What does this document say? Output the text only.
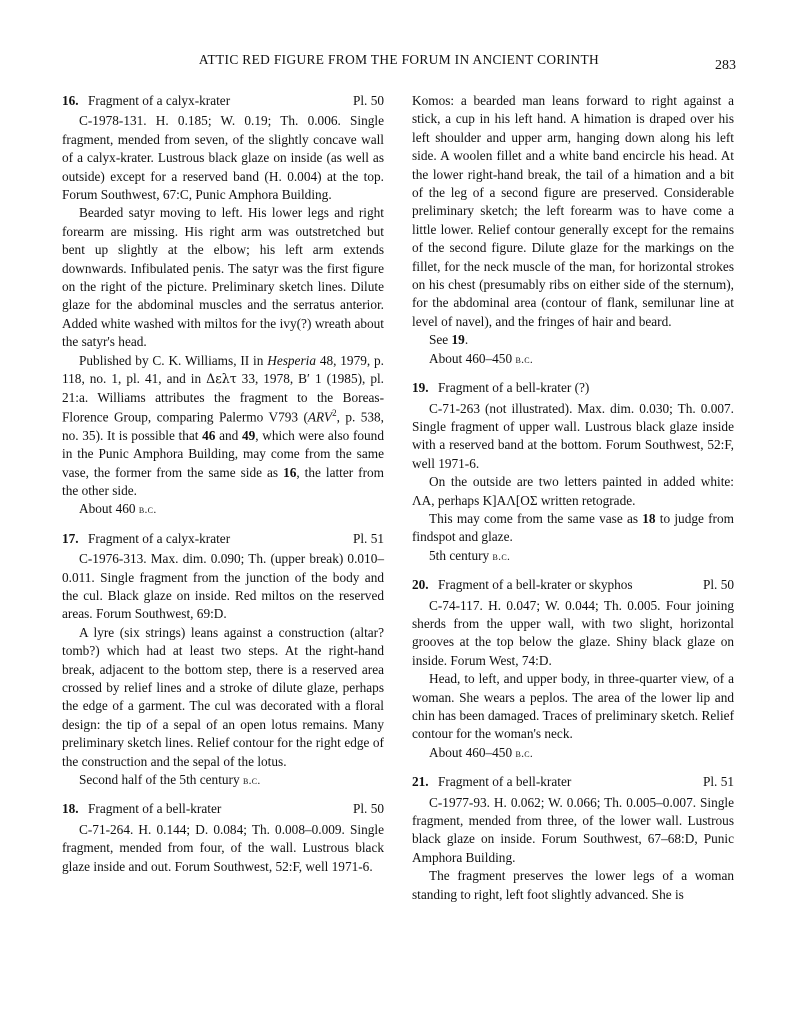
ATTIC RED FIGURE FROM THE FORUM IN ANCIENT CORINTH	283
16. Fragment of a calyx-krater	Pl. 50

C-1978-131. H. 0.185; W. 0.19; Th. 0.006. Single fragment, mended from seven, of the slightly concave wall of a calyx-krater. Lustrous black glaze on inside (as well as outside) except for a reserved band (H. 0.004) at the top. Forum Southwest, 67:C, Punic Amphora Building.

Bearded satyr moving to left. His lower legs and right forearm are missing. His right arm was outstretched but bent up slightly at the elbow; his left arm extends downwards. Infibulated penis. The satyr was the first figure on the right of the picture. Preliminary sketch lines. Dilute glaze for the abdominal muscles and the serratus anterior. Added white washed with miltos for the ivy(?) wreath about the satyr's head.

Published by C. K. Williams, II in Hesperia 48, 1979, p. 118, no. 1, pl. 41, and in Δελτ 33, 1978, Β′ 1 (1985), pl. 21:a. Williams attributes the fragment to the Boreas-Florence Group, comparing Palermo V793 (ARV$^2$, p. 538, no. 35). It is possible that 46 and 49, which were also found in the Punic Amphora Building, may come from the same vase, the former from the same side as 16, the latter from the other side.

About 460 b.c.

17. Fragment of a calyx-krater	Pl. 51

C-1976-313. Max. dim. 0.090; Th. (upper break) 0.010–0.011. Single fragment from the junction of the body and the cul. Black glaze on inside. Red miltos on the reserved areas. Forum Southwest, 69:D.

A lyre (six strings) leans against a construction (altar? tomb?) which had at least two steps. At the right-hand break, adjacent to the bottom step, there is a reserved area crossed by relief lines and a stroke of dilute glaze, perhaps the edge of a garment. The cul was decorated with a floral design: the tip of a sepal of an open lotus remains. Many preliminary sketch lines. Relief contour for the right edge of the construction and the sepal of the lotus.

Second half of the 5th century b.c.

18. Fragment of a bell-krater	Pl. 50

C-71-264. H. 0.144; D. 0.084; Th. 0.008–0.009. Single fragment, mended from four, of the wall. Lustrous black glaze inside and out. Forum Southwest, 52:F, well 1971-6.

Komos: a bearded man leans forward to right against a stick, a cup in his left hand. A himation is draped over his left shoulder and upper arm, hanging down along his left side. A woolen fillet and a white band encircle his head. At the lower right-hand break, the tail of a himation and a bit of the leg of a second figure are preserved. Considerable preliminary sketch; the left forearm was to have come a little lower. Relief contour generally except for the remains of the second figure. Dilute glaze for the markings on the fillet, for the neck muscle of the man, for horizontal strokes on his chest (presumably ribs on either side of the sternum), for the abdominal area (contour of flank, semilunar line at level of navel), and the fringes of hair and beard.

See 19.

About 460–450 b.c.

19. Fragment of a bell-krater (?)

C-71-263 (not illustrated). Max. dim. 0.030; Th. 0.007. Single fragment of upper wall. Lustrous black glaze inside with a reserved band at the bottom. Forum Southwest, 52:F, well 1971-6.

On the outside are two letters painted in added white: ΛΑ, perhaps Κ]ΑΛ[ΟΣ written retograde.

This may come from the same vase as 18 to judge from findspot and glaze.

5th century b.c.

20. Fragment of a bell-krater or skyphos	Pl. 50

C-74-117. H. 0.047; W. 0.044; Th. 0.005. Four joining sherds from the upper wall, with two slight, horizontal grooves at the top below the glaze. Shiny black glaze on inside. Forum West, 74:D.

Head, to left, and upper body, in three-quarter view, of a woman. She wears a peplos. The area of the lower lip and chin has been damaged. Traces of preliminary sketch. Relief contour for the woman's neck.

About 460–450 b.c.

21. Fragment of a bell-krater	Pl. 51

C-1977-93. H. 0.062; W. 0.066; Th. 0.005–0.007. Single fragment, mended from three, of the lower wall. Lustrous black glaze on inside. Forum Southwest, 67–68:D, Punic Amphora Building.

The fragment preserves the lower legs of a woman standing to right, left foot slightly advanced. She is
